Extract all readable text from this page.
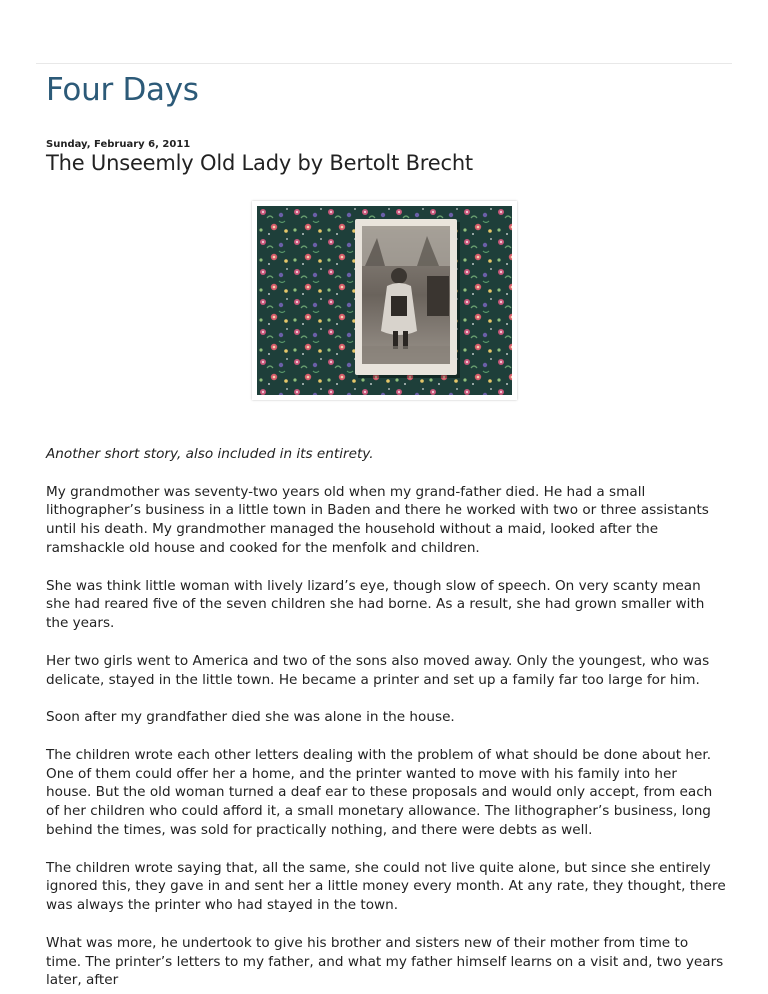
Four Days
Sunday, February 6, 2011
The Unseemly Old Lady by Bertolt Brecht

Another short story, also included in its entirety.

My grandmother was seventy-two years old when my grand-father died. He had a small lithographer’s business in a little town in Baden and there he worked with two or three assistants until his death. My grandmother managed the household without a maid, looked after the ramshackle old house and cooked for the menfolk and children.

She was think little woman with lively lizard’s eye, though slow of speech. On very scanty mean she had reared five of the seven children she had borne. As a result, she had grown smaller with the years.

Her two girls went to America and two of the sons also moved away. Only the youngest, who was delicate, stayed in the little town. He became a printer and set up a family far too large for him.

Soon after my grandfather died she was alone in the house.

The children wrote each other letters dealing with the problem of what should be done about her. One of them could offer her a home, and the printer wanted to move with his family into her house. But the old woman turned a deaf ear to these proposals and would only accept, from each of her children who could afford it, a small monetary allowance. The lithographer’s business, long behind the times, was sold for practically nothing, and there were debts as well.

The children wrote saying that, all the same, she could not live quite alone, but since she entirely ignored this, they gave in and sent her a little money every month. At any rate, they thought, there was always the printer who had stayed in the town.

What was more, he undertook to give his brother and sisters new of their mother from time to time. The printer’s letters to my father, and what my father himself learns on a visit and, two years later, after
